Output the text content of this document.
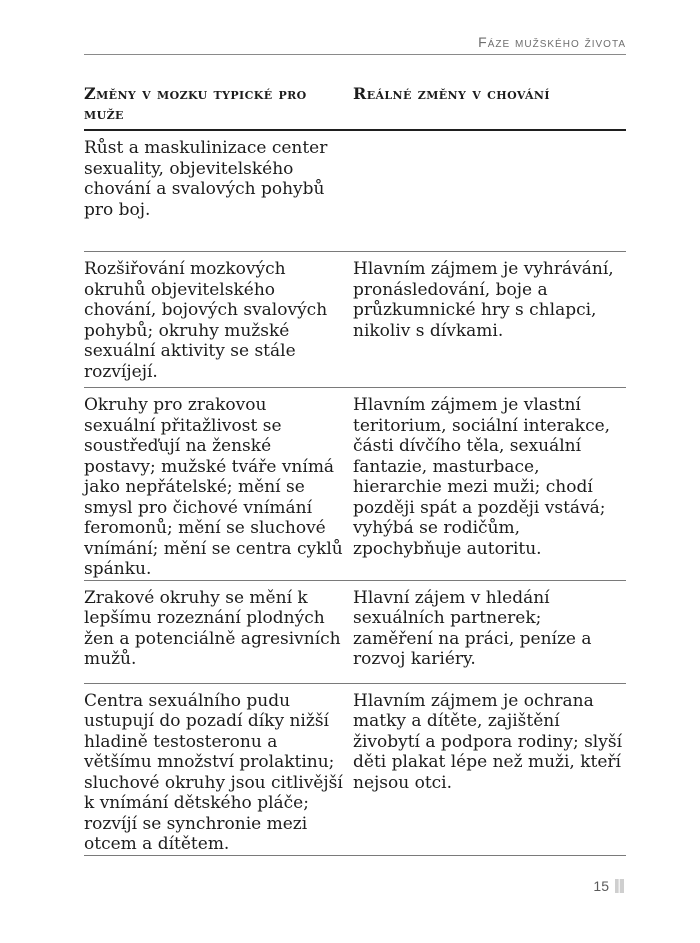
Fáze mužského života
Změny v mozku typické pro muže
Reálné změny v chování
Růst a maskulinizace center sexuality, objevitelského chování a svalových pohybů pro boj.
Rozšiřování mozkových okruhů objevitelského chování, bojových svalových pohybů; okruhy mužské sexuální aktivity se stále rozvíjejí.
Hlavním zájmem je vyhrávání, pronásledování, boje a průzkumnické hry s chlapci, nikoliv s dívkami.
Okruhy pro zrakovou sexuální přitažlivost se soustřeďují na ženské postavy; mužské tváře vnímá jako nepřátelské; mění se smysl pro čichové vnímání feromonů; mění se sluchové vnímání; mění se centra cyklů spánku.
Hlavním zájmem je vlastní teritorium, sociální interakce, části dívčího těla, sexuální fantazie, masturbace, hierarchie mezi muži; chodí později spát a později vstává; vyhýbá se rodičům, zpochybňuje autoritu.
Zrakové okruhy se mění k lepšímu rozeznání plodných žen a potenciálně agresivních mužů.
Hlavní zájem v hledání sexuálních partnerek; zaměření na práci, peníze a rozvoj kariéry.
Centra sexuálního pudu ustupují do pozadí díky nižší hladině testosteronu a většímu množství prolaktinu; sluchové okruhy jsou citlivější k vnímání dětského pláče; rozvíjí se synchronie mezi otcem a dítětem.
Hlavním zájmem je ochrana matky a dítěte, zajištění živobytí a podpora rodiny; slyší děti plakat lépe než muži, kteří nejsou otci.
15
